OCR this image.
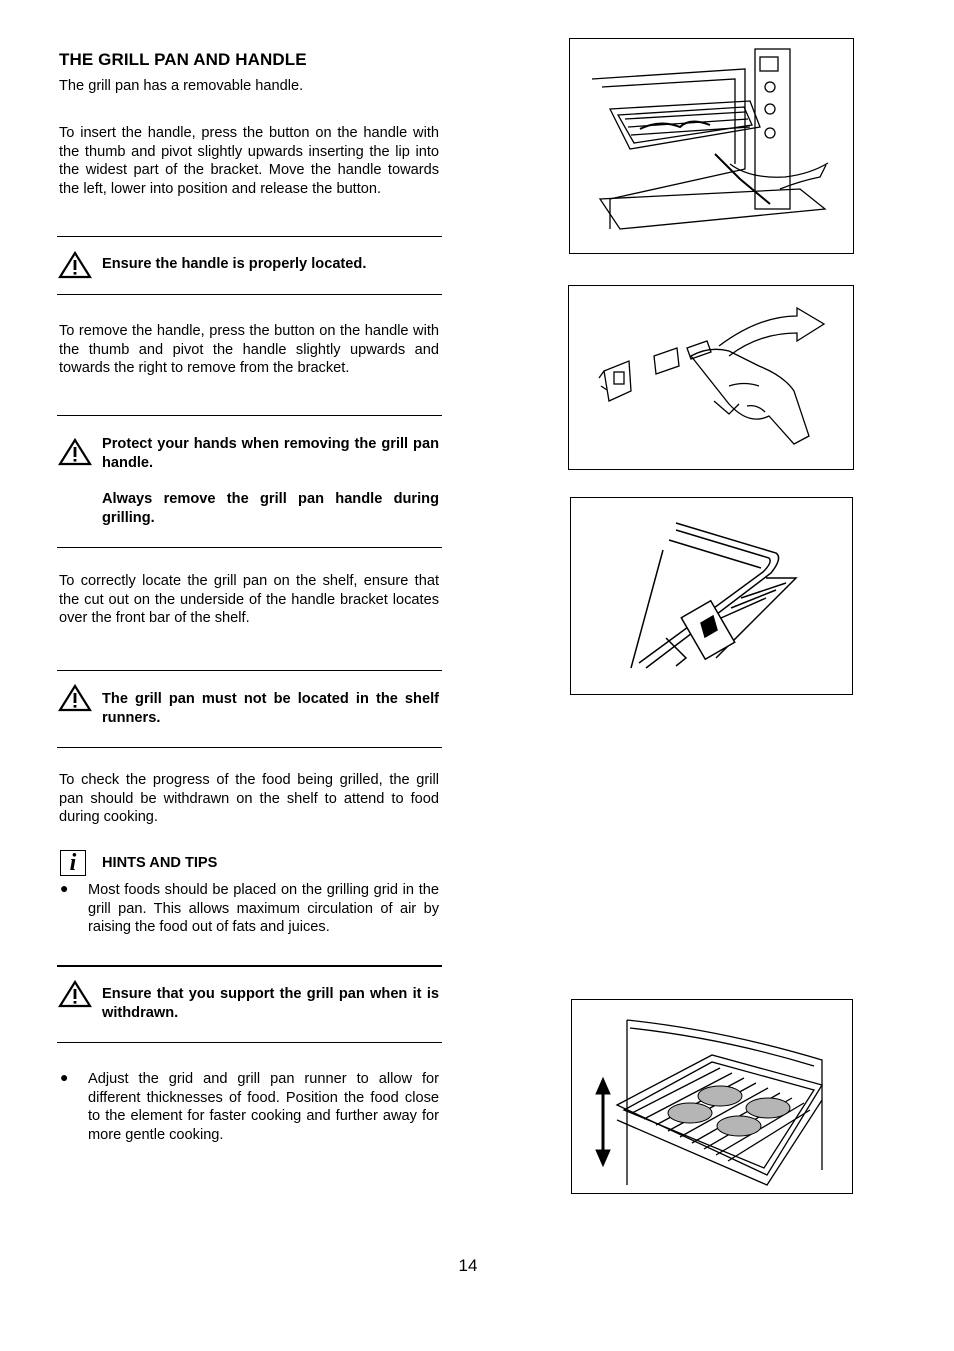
THE GRILL PAN AND HANDLE
The grill pan has a removable handle.
To insert the handle, press the button on the handle with the thumb and pivot slightly upwards inserting the lip into the widest part of the bracket. Move the handle towards the left, lower into position and release the button.
Ensure the handle is properly located.
To remove the handle, press the button on the handle with the thumb and pivot the handle slightly upwards and towards the right to remove from the bracket.
Protect your hands when removing the grill pan handle.
Always remove the grill pan handle during grilling.
To correctly locate the grill pan on the shelf, ensure that the cut out on the underside of the handle bracket locates over the front bar of the shelf.
The grill pan must not be located in the shelf runners.
To check the progress of the food being grilled, the grill pan should be withdrawn on the shelf to attend to food during cooking.
i	HINTS AND TIPS
● Most foods should be placed on the grilling grid in the grill pan. This allows maximum circulation of air by raising the food out of fats and juices.
Ensure that you support the grill pan when it is withdrawn.
● Adjust the grid and grill pan runner to allow for different thicknesses of food. Position the food close to the element for faster cooking and further away for more gentle cooking.
14
